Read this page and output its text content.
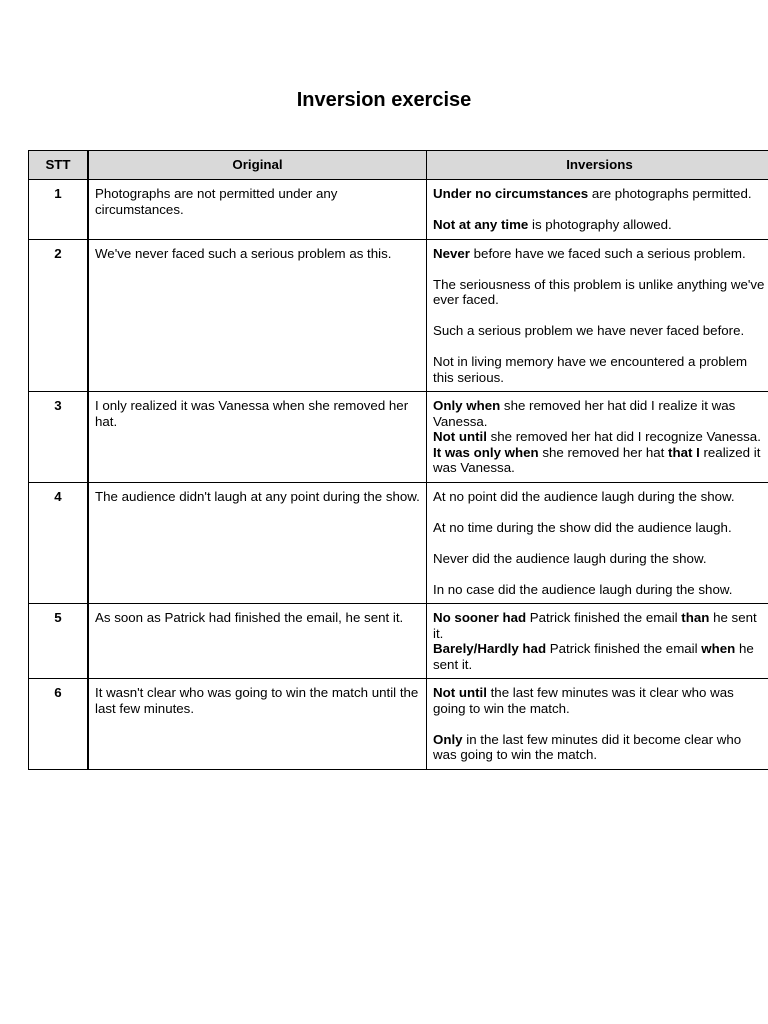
Inversion exercise
STT	Original	Inversions
1	Photographs are not permitted under any circumstances.	Under no circumstances are photographs permitted.
Not at any time is photography allowed.

2	We've never faced such a serious problem as this.	Never before have we faced such a serious problem.
The seriousness of this problem is unlike anything we've ever faced.
Such a serious problem we have never faced before.
Not in living memory have we encountered a problem this serious.

3	I only realized it was Vanessa when she removed her hat.	Only when she removed her hat did I realize it was Vanessa.
Not until she removed her hat did I recognize Vanessa.
It was only when she removed her hat that I realized it was Vanessa.

4	The audience didn't laugh at any point during the show.	At no point did the audience laugh during the show.
At no time during the show did the audience laugh.
Never did the audience laugh during the show.
In no case did the audience laugh during the show.

5	As soon as Patrick had finished the email, he sent it.	No sooner had Patrick finished the email than he sent it.
Barely/Hardly had Patrick finished the email when he sent it.

6	It wasn't clear who was going to win the match until the last few minutes.	Not until the last few minutes was it clear who was going to win the match.
Only in the last few minutes did it become clear who was going to win the match.
